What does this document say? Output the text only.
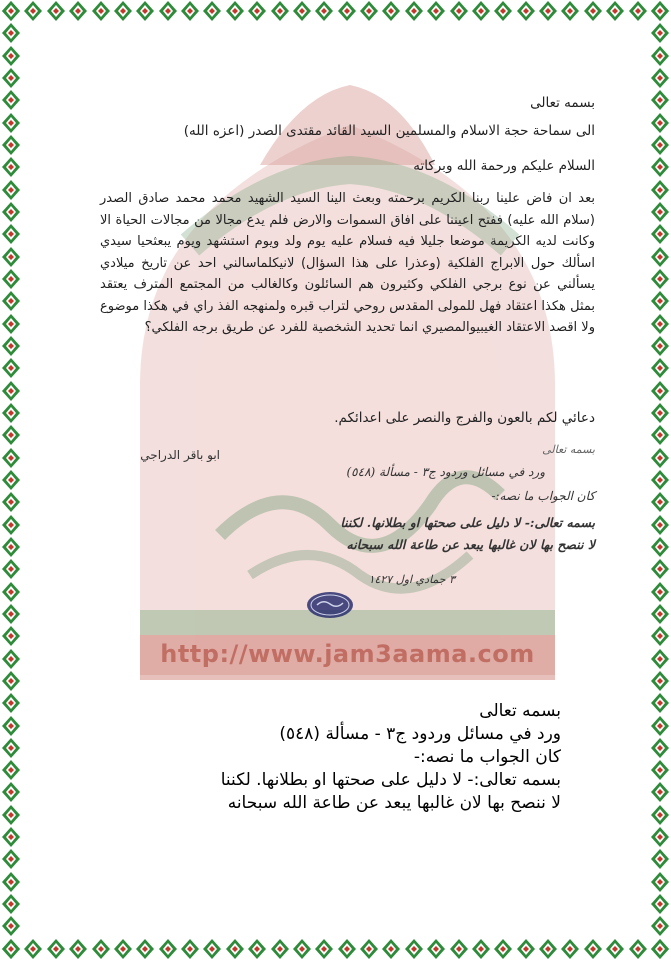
بسمه تعالى
الى سماحة حجة الاسلام والمسلمين السيد القائد مقتدى الصدر (اعزه الله)
السلام عليكم ورحمة الله وبركاته
بعد ان فاض علينا ربنا الكريم برحمته وبعث الينا السيد الشهيد محمد محمد صادق الصدر (سلام الله عليه) ففتح اعيننا على افاق السموات والارض فلم يدع مجالا من مجالات الحياة الا وكانت لديه الكريمة موضعا جليلا فيه فسلام عليه يوم ولد ويوم استشهد ويوم يبعثحيا سيدي اسألك حول الابراج الفلكية (وعذرا على هذا السؤال) لانيكلماسالني احد عن تاريخ ميلادي يسألني عن نوع برجي الفلكي وكثيرون هم السائلون وكالغالب من المجتمع المترف يعتقد بمثل هكذا اعتقاد فهل للمولى المقدس روحي لتراب قبره ولمنهجه الفذ راي في هكذا موضوع ولا اقصد الاعتقاد الغيبيوالمصيري انما تحديد الشخصية للفرد عن طريق برجه الفلكي؟
دعائي لكم بالعون والفرج والنصر على اعدائكم.
ابو باقر الدراجي	بسمه تعالى
ورد في مسائل وردود ج٣ - مسألة (٥٤٨)
كان الجواب ما نصه:-
بسمه تعالى:- لا دليل على صحتها او بطلانها. لكننا
لا ننصح بها لان غالبها يبعد عن طاعة الله سبحانه
٣ جمادي اول ١٤٢٧
http://www.jam3aama.com
بسمه تعالى
ورد في مسائل وردود ج٣ - مسألة (٥٤٨)
كان الجواب ما نصه:-
بسمه تعالى:- لا دليل على صحتها او بطلانها. لكننا
لا ننصح بها لان غالبها يبعد عن طاعة الله سبحانه
